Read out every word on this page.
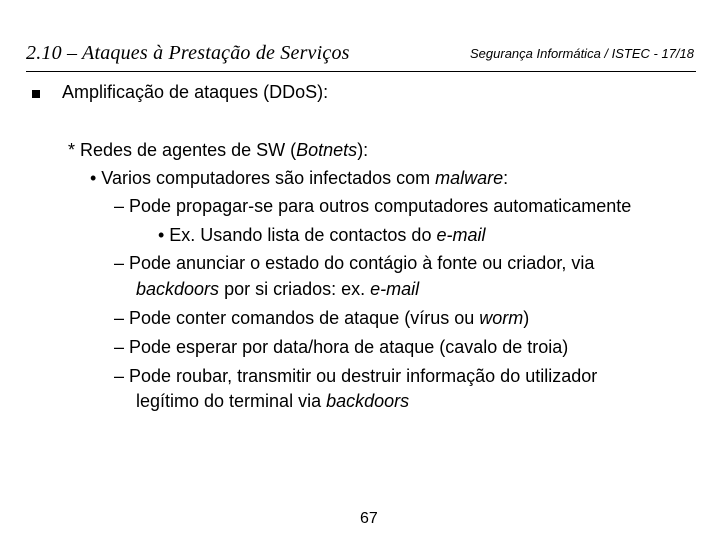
2.10 – Ataques à Prestação de Serviços	Segurança Informática / ISTEC - 17/18
Amplificação de ataques (DDoS):
* Redes de agentes de SW (Botnets):
• Varios computadores são infectados com malware:
– Pode propagar-se para outros computadores automaticamente
• Ex. Usando lista de contactos do e-mail
– Pode anunciar o estado do contágio à fonte ou criador, via
backdoors por si criados: ex. e-mail
– Pode conter comandos de ataque (vírus ou worm)
– Pode esperar por data/hora de ataque (cavalo de troia)
– Pode roubar, transmitir ou destruir informação do utilizador
legítimo do terminal via backdoors
67
